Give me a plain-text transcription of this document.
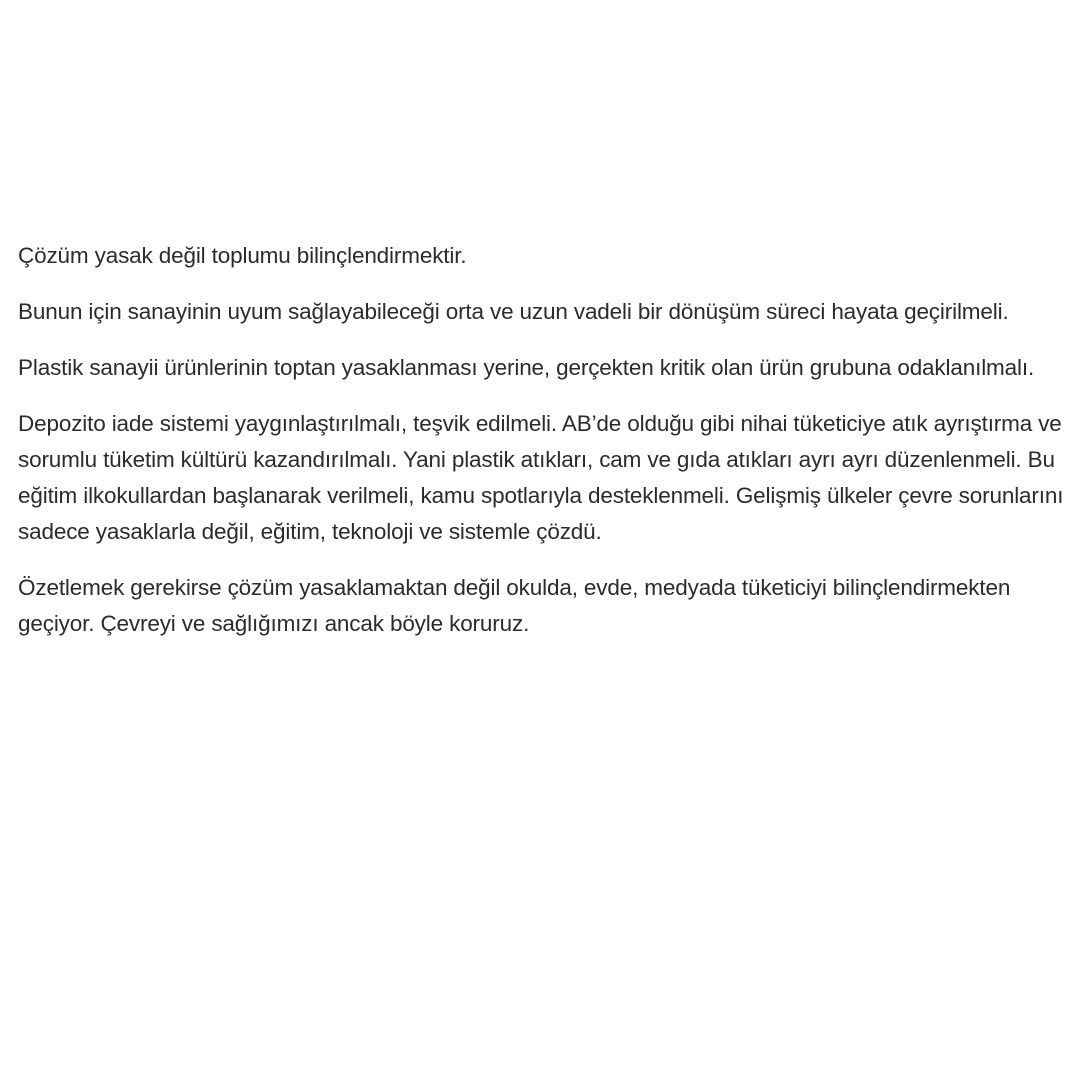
Çözüm yasak değil toplumu bilinçlendirmektir.

Bunun için sanayinin uyum sağlayabileceği orta ve uzun vadeli bir dönüşüm süreci hayata geçirilmeli.

Plastik sanayii ürünlerinin toptan yasaklanması yerine, gerçekten kritik olan ürün grubuna odaklanılmalı.

Depozito iade sistemi yaygınlaştırılmalı, teşvik edilmeli. AB’de olduğu gibi nihai tüketiciye atık ayrıştırma ve sorumlu tüketim kültürü kazandırılmalı. Yani plastik atıkları, cam ve gıda atıkları ayrı ayrı düzenlenmeli. Bu eğitim ilkokullardan başlanarak verilmeli, kamu spotlarıyla desteklenmeli. Gelişmiş ülkeler çevre sorunlarını sadece yasaklarla değil, eğitim, teknoloji ve sistemle çözdü.

Özetlemek gerekirse çözüm yasaklamaktan değil okulda, evde, medyada tüketiciyi bilinçlendirmekten geçiyor. Çevreyi ve sağlığımızı ancak böyle koruruz.
